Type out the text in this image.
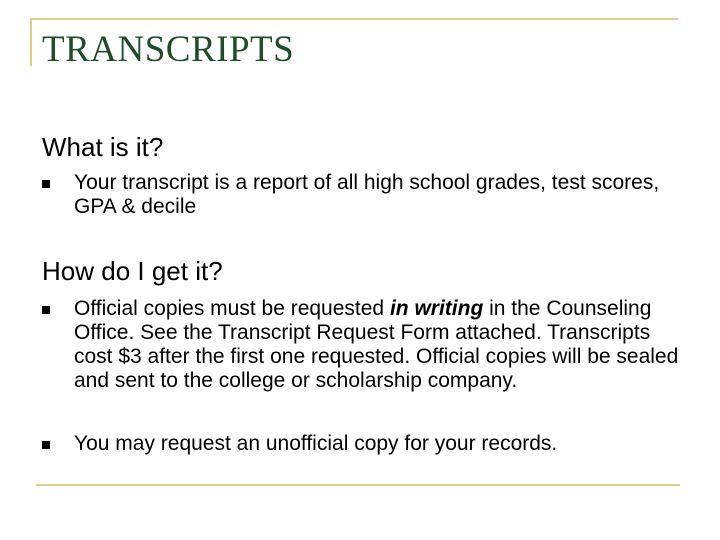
TRANSCRIPTS
What is it?
Your transcript is a report of all high school grades, test scores, GPA & decile
How do I get it?
Official copies must be requested in writing in the Counseling Office. See the Transcript Request Form attached. Transcripts cost $3 after the first one requested. Official copies will be sealed and sent to the college or scholarship company.
You may request an unofficial copy for your records.
